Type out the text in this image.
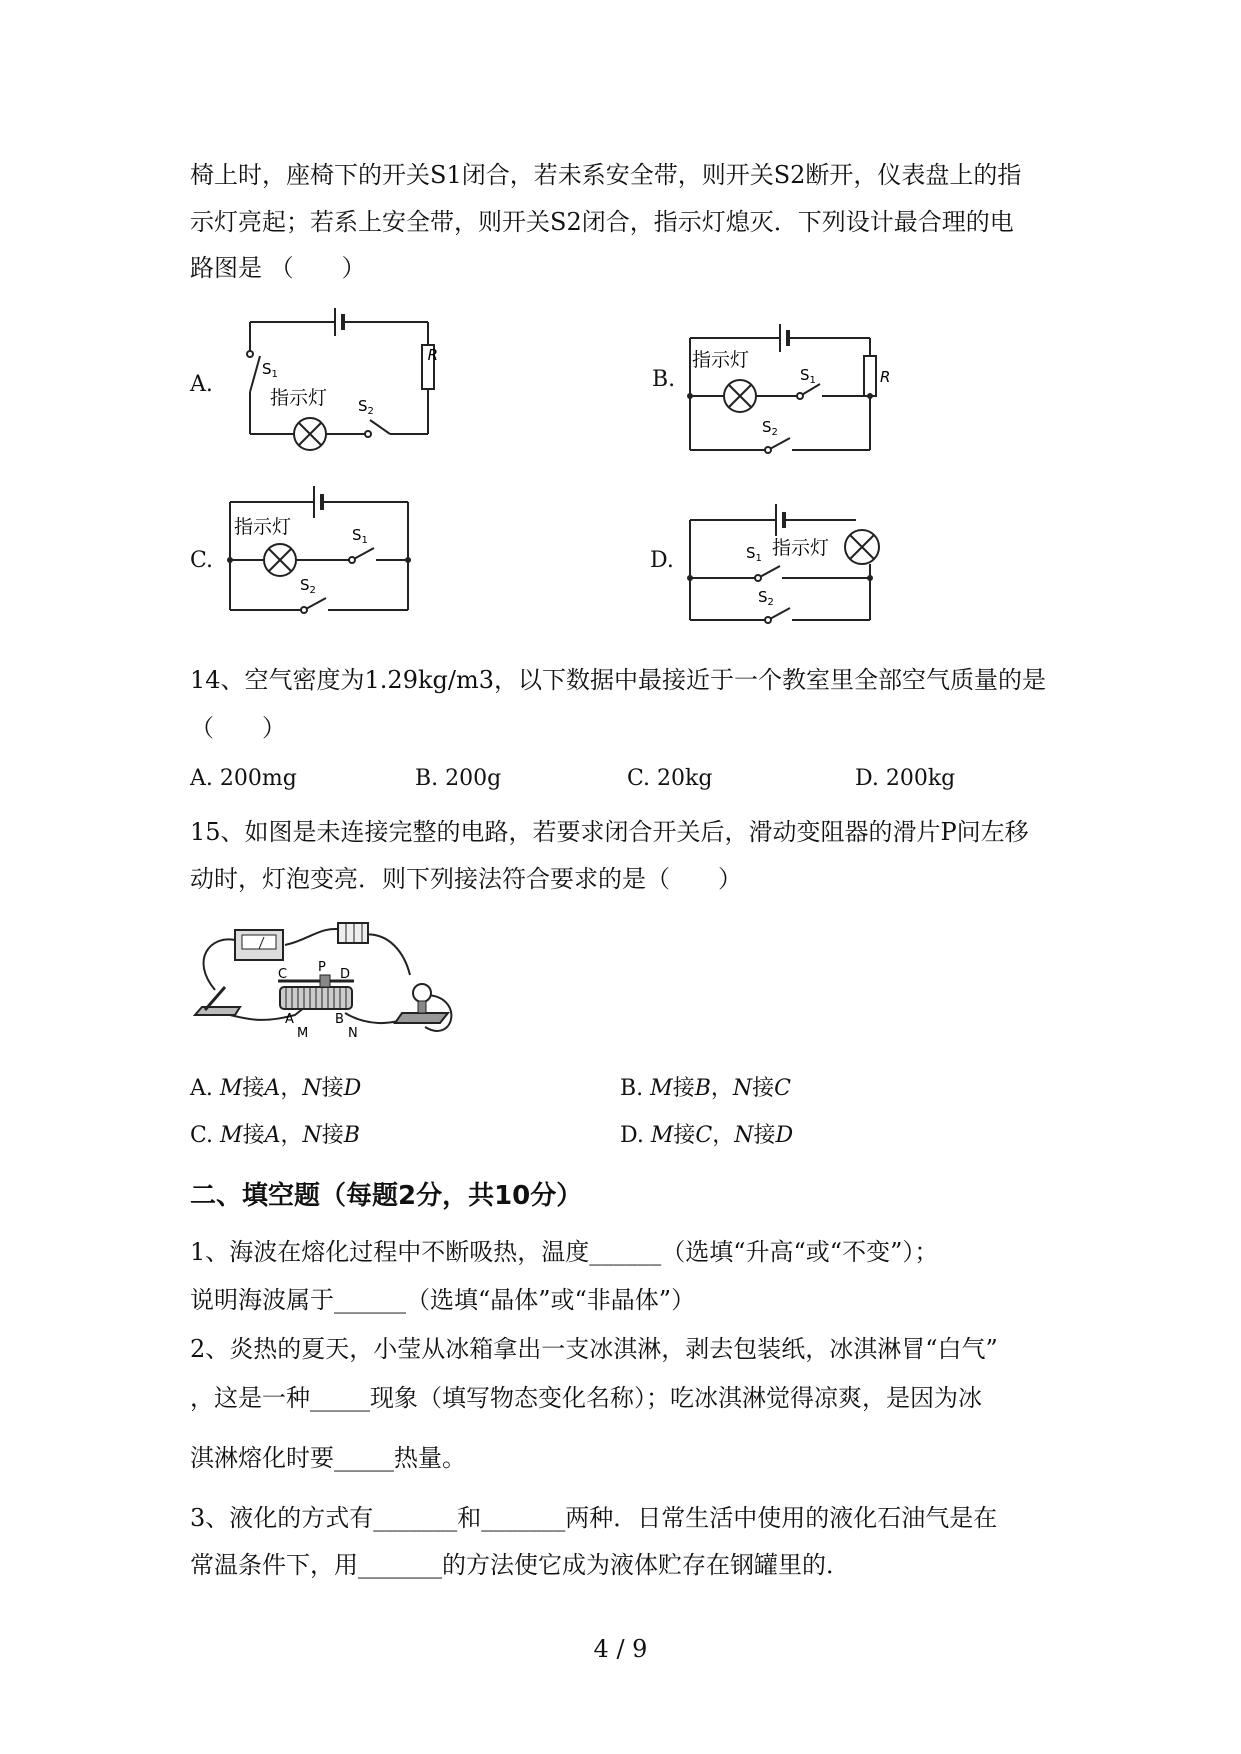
椅上时，座椅下的开关S1闭合，若未系安全带，则开关S2断开，仪表盘上的指
示灯亮起；若系上安全带，则开关S2闭合，指示灯熄灭．下列设计最合理的电
路图是 （　　）
A.	B.
C.	D.
$S_1$
R
指示灯 $S_2$
指示灯
$S_1$	R
$S_2$
指示灯	$S_1$
$S_2$
$S_1$ 指示灯
$S_2$
14、空气密度为1.29kg/m3，以下数据中最接近于一个教室里全部空气质量的是
（　　）
A. 200mg	B. 200g	C. 20kg	D. 200kg
15、如图是未连接完整的电路，若要求闭合开关后，滑动变阻器的滑片P问左移
动时，灯泡变亮．则下列接法符合要求的是（　　）
C P D
A	B
M	N
A. M接A，N接D	B. M接B，N接C
C. M接A，N接B	D. M接C，N接D
二、填空题（每题2分，共10分）
1、海波在熔化过程中不断吸热，温度______（选填“升高“或“不变”）；
说明海波属于______（选填“晶体”或“非晶体”）
2、炎热的夏天，小莹从冰箱拿出一支冰淇淋，剥去包装纸，冰淇淋冒“白气”
，这是一种_____现象（填写物态变化名称）；吃冰淇淋觉得凉爽，是因为冰
淇淋熔化时要_____热量。
3、液化的方式有_______和_______两种．日常生活中使用的液化石油气是在
常温条件下，用_______的方法使它成为液体贮存在钢罐里的．
4 / 9
